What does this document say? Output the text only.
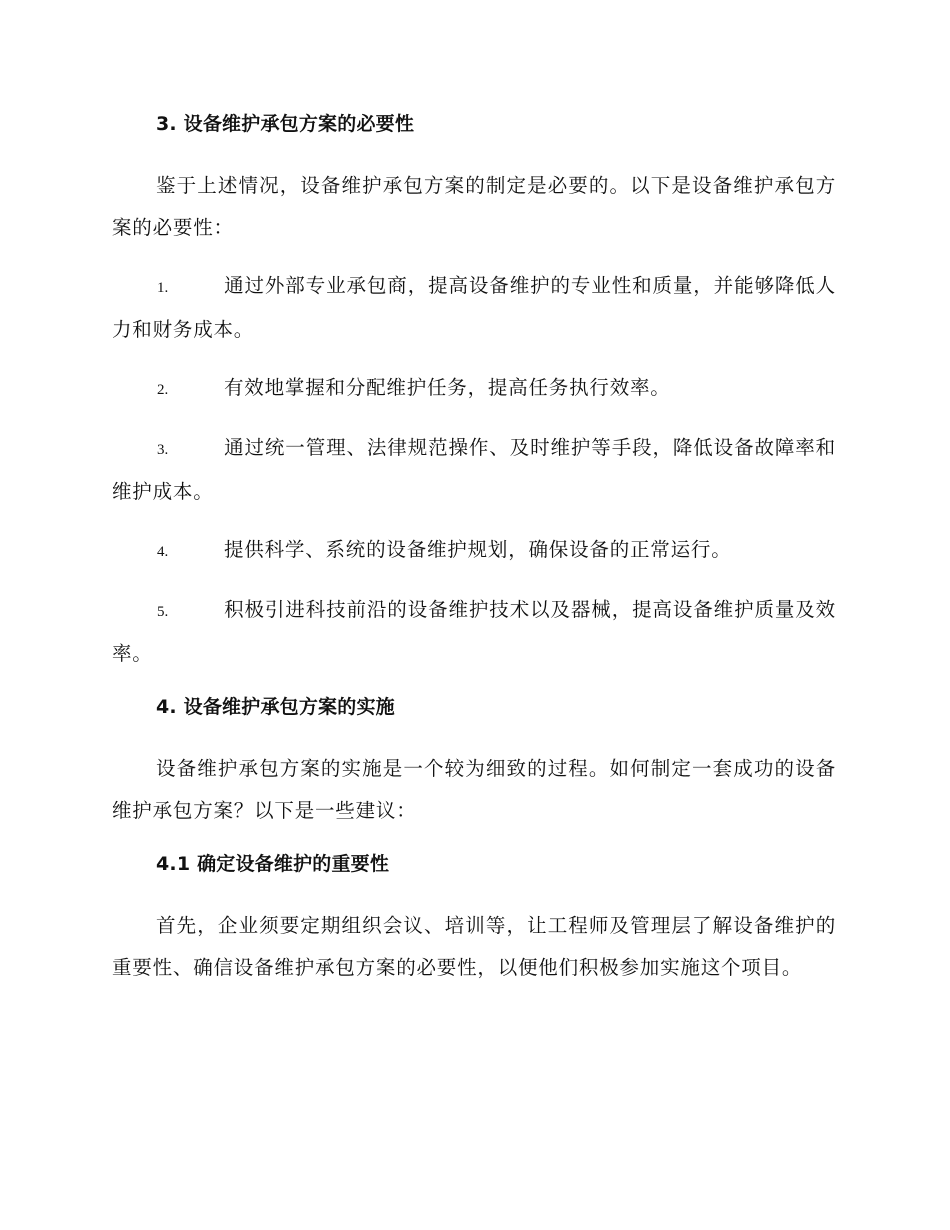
3. 设备维护承包方案的必要性

鉴于上述情况，设备维护承包方案的制定是必要的。以下是设备维护承包方案的必要性：

1.	通过外部专业承包商，提高设备维护的专业性和质量，并能够降低人力和财务成本。
2.	有效地掌握和分配维护任务，提高任务执行效率。
3.	通过统一管理、法律规范操作、及时维护等手段，降低设备故障率和维护成本。
4.	提供科学、系统的设备维护规划，确保设备的正常运行。
5.	积极引进科技前沿的设备维护技术以及器械，提高设备维护质量及效率。
4. 设备维护承包方案的实施

设备维护承包方案的实施是一个较为细致的过程。如何制定一套成功的设备维护承包方案？以下是一些建议：

4.1 确定设备维护的重要性

首先，企业须要定期组织会议、培训等，让工程师及管理层了解设备维护的重要性、确信设备维护承包方案的必要性，以便他们积极参加实施这个项目。
